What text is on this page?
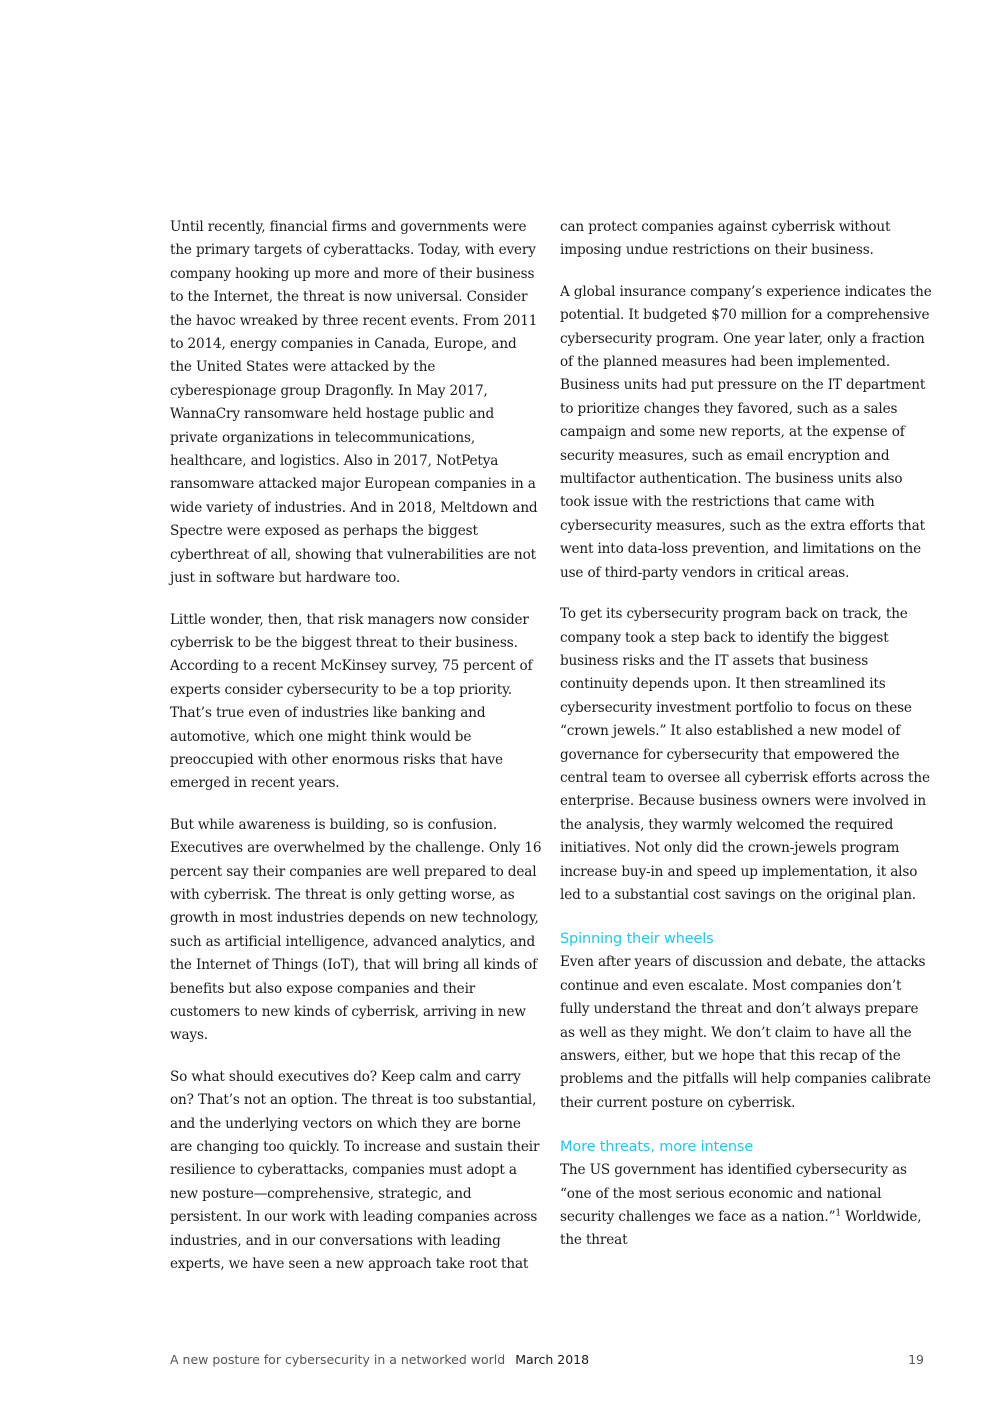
Until recently, financial firms and governments were the primary targets of cyberattacks. Today, with every company hooking up more and more of their business to the Internet, the threat is now universal. Consider the havoc wreaked by three recent events. From 2011 to 2014, energy companies in Canada, Europe, and the United States were attacked by the cyberespionage group Dragonfly. In May 2017, WannaCry ransomware held hostage public and private organizations in telecommunications, healthcare, and logistics. Also in 2017, NotPetya ransomware attacked major European companies in a wide variety of industries. And in 2018, Meltdown and Spectre were exposed as perhaps the biggest cyberthreat of all, showing that vulnerabilities are not just in software but hardware too.

Little wonder, then, that risk managers now consider cyberrisk to be the biggest threat to their business. According to a recent McKinsey survey, 75 percent of experts consider cybersecurity to be a top priority. That’s true even of industries like banking and automotive, which one might think would be preoccupied with other enormous risks that have emerged in recent years.

But while awareness is building, so is confusion. Executives are overwhelmed by the challenge. Only 16 percent say their companies are well prepared to deal with cyberrisk. The threat is only getting worse, as growth in most industries depends on new technology, such as artificial intelligence, advanced analytics, and the Internet of Things (IoT), that will bring all kinds of benefits but also expose companies and their customers to new kinds of cyberrisk, arriving in new ways.

So what should executives do? Keep calm and carry on? That’s not an option. The threat is too substantial, and the underlying vectors on which they are borne are changing too quickly. To increase and sustain their resilience to cyberattacks, companies must adopt a new posture—comprehensive, strategic, and persistent. In our work with leading companies across industries, and in our conversations with leading experts, we have seen a new approach take root that

can protect companies against cyberrisk without imposing undue restrictions on their business.

A global insurance company’s experience indicates the potential. It budgeted $70 million for a comprehensive cybersecurity program. One year later, only a fraction of the planned measures had been implemented. Business units had put pressure on the IT department to prioritize changes they favored, such as a sales campaign and some new reports, at the expense of security measures, such as email encryption and multifactor authentication. The business units also took issue with the restrictions that came with cybersecurity measures, such as the extra efforts that went into data-loss prevention, and limitations on the use of third-party vendors in critical areas.

To get its cybersecurity program back on track, the company took a step back to identify the biggest business risks and the IT assets that business continuity depends upon. It then streamlined its cybersecurity investment portfolio to focus on these “crown jewels.” It also established a new model of governance for cybersecurity that empowered the central team to oversee all cyberrisk efforts across the enterprise. Because business owners were involved in the analysis, they warmly welcomed the required initiatives. Not only did the crown-jewels program increase buy-in and speed up implementation, it also led to a substantial cost savings on the original plan.

Spinning their wheels

Even after years of discussion and debate, the attacks continue and even escalate. Most companies don’t fully understand the threat and don’t always prepare as well as they might. We don’t claim to have all the answers, either, but we hope that this recap of the problems and the pitfalls will help companies calibrate their current posture on cyberrisk.

More threats, more intense

The US government has identified cybersecurity as “one of the most serious economic and national security challenges we face as a nation.”$^1$ Worldwide, the threat

A new posture for cybersecurity in a networked world March 2018	19
